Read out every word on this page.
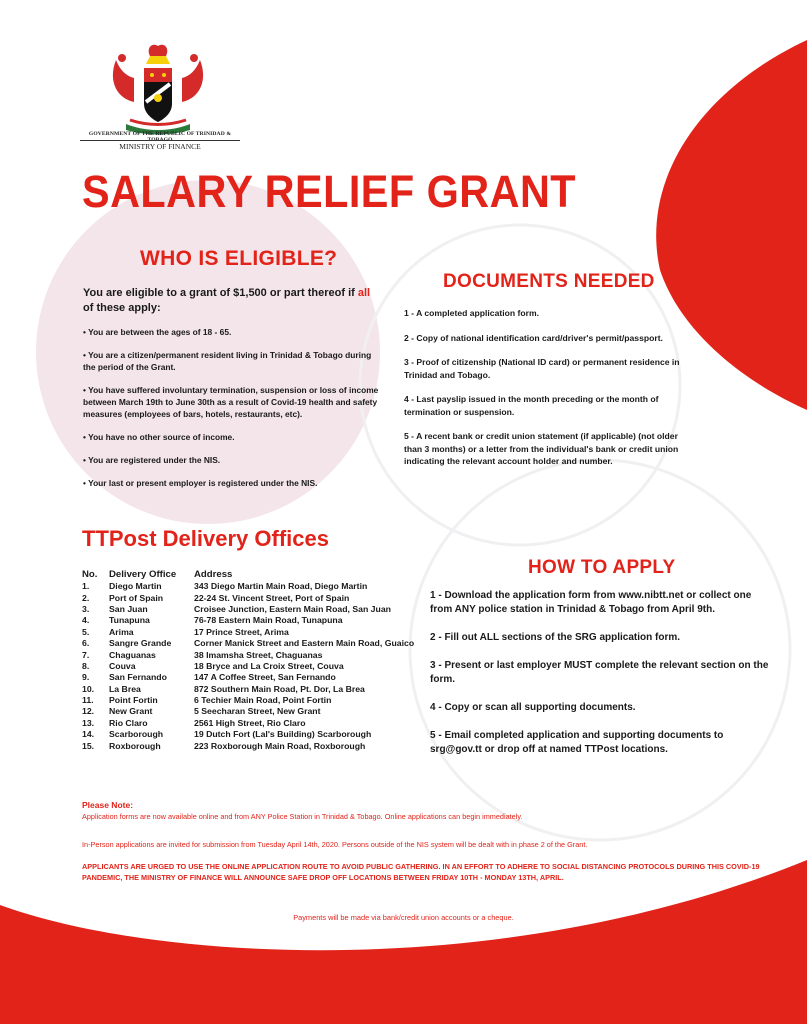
GOVERNMENT OF THE REPUBLIC OF TRINIDAD & TOBAGO
MINISTRY OF FINANCE
SALARY RELIEF GRANT
WHO IS ELIGIBLE?
You are eligible to a grant of $1,500 or part thereof if all of these apply:

• You are between the ages of 18 - 65.

• You are a citizen/permanent resident living in Trinidad & Tobago during the period of the Grant.

• You have suffered involuntary termination, suspension or loss of income between March 19th to June 30th as a result of Covid-19 health and safety measures (employees of bars, hotels, restaurants, etc).

• You have no other source of income.

• You are registered under the NIS.

• Your last or present employer is registered under the NIS.

DOCUMENTS NEEDED

1 - A completed application form.

2 - Copy of national identification card/driver's permit/passport.

3 - Proof of citizenship (National ID card) or permanent residence in Trinidad and Tobago.

4 - Last payslip issued in the month preceding or the month of termination or suspension.

5 - A recent bank or credit union statement (if applicable) (not older than 3 months) or a letter from the individual's bank or credit union indicating the relevant account holder and number.

TTPost Delivery Offices
No.	Delivery Office	Address
1.	Diego Martin	343 Diego Martin Main Road, Diego Martin
2.	Port of Spain	22-24 St. Vincent Street, Port of Spain
3.	San Juan	Croisee Junction, Eastern Main Road, San Juan
4.	Tunapuna	76-78 Eastern Main Road, Tunapuna
5.	Arima	17 Prince Street, Arima
6.	Sangre Grande	Corner Manick Street and Eastern Main Road, Guaico
7.	Chaguanas	38 Imamsha Street, Chaguanas
8.	Couva	18 Bryce and La Croix Street, Couva
9.	San Fernando	147 A Coffee Street, San Fernando
10.	La Brea	872 Southern Main Road, Pt. Dor, La Brea
11.	Point Fortin	6 Techier Main Road, Point Fortin
12.	New Grant	5 Seecharan Street, New Grant
13.	Rio Claro	2561 High Street, Rio Claro
14.	Scarborough	19 Dutch Fort (Lal's Building) Scarborough
15.	Roxborough	223 Roxborough Main Road, Roxborough
HOW TO APPLY

1 - Download the application form from www.nibtt.net or collect one from ANY police station in Trinidad & Tobago from April 9th.

2 - Fill out ALL sections of the SRG application form.

3 - Present or last employer MUST complete the relevant section on the form.

4 - Copy or scan all supporting documents.

5 - Email completed application and supporting documents to srg@gov.tt or drop off at named TTPost locations.

Please Note:
Application forms are now available online and from ANY Police Station in Trinidad & Tobago. Online applications can begin immediately.
In-Person applications are invited for submission from Tuesday April 14th, 2020. Persons outside of the NIS system will be dealt with in phase 2 of the Grant.
APPLICANTS ARE URGED TO USE THE ONLINE APPLICATION ROUTE TO AVOID PUBLIC GATHERING. IN AN EFFORT TO ADHERE TO SOCIAL DISTANCING PROTOCOLS DURING THIS COVID-19 PANDEMIC, THE MINISTRY OF FINANCE WILL ANNOUNCE SAFE DROP OFF LOCATIONS BETWEEN FRIDAY 10TH - MONDAY 13TH, APRIL.
Payments will be made via bank/credit union accounts or a cheque.
